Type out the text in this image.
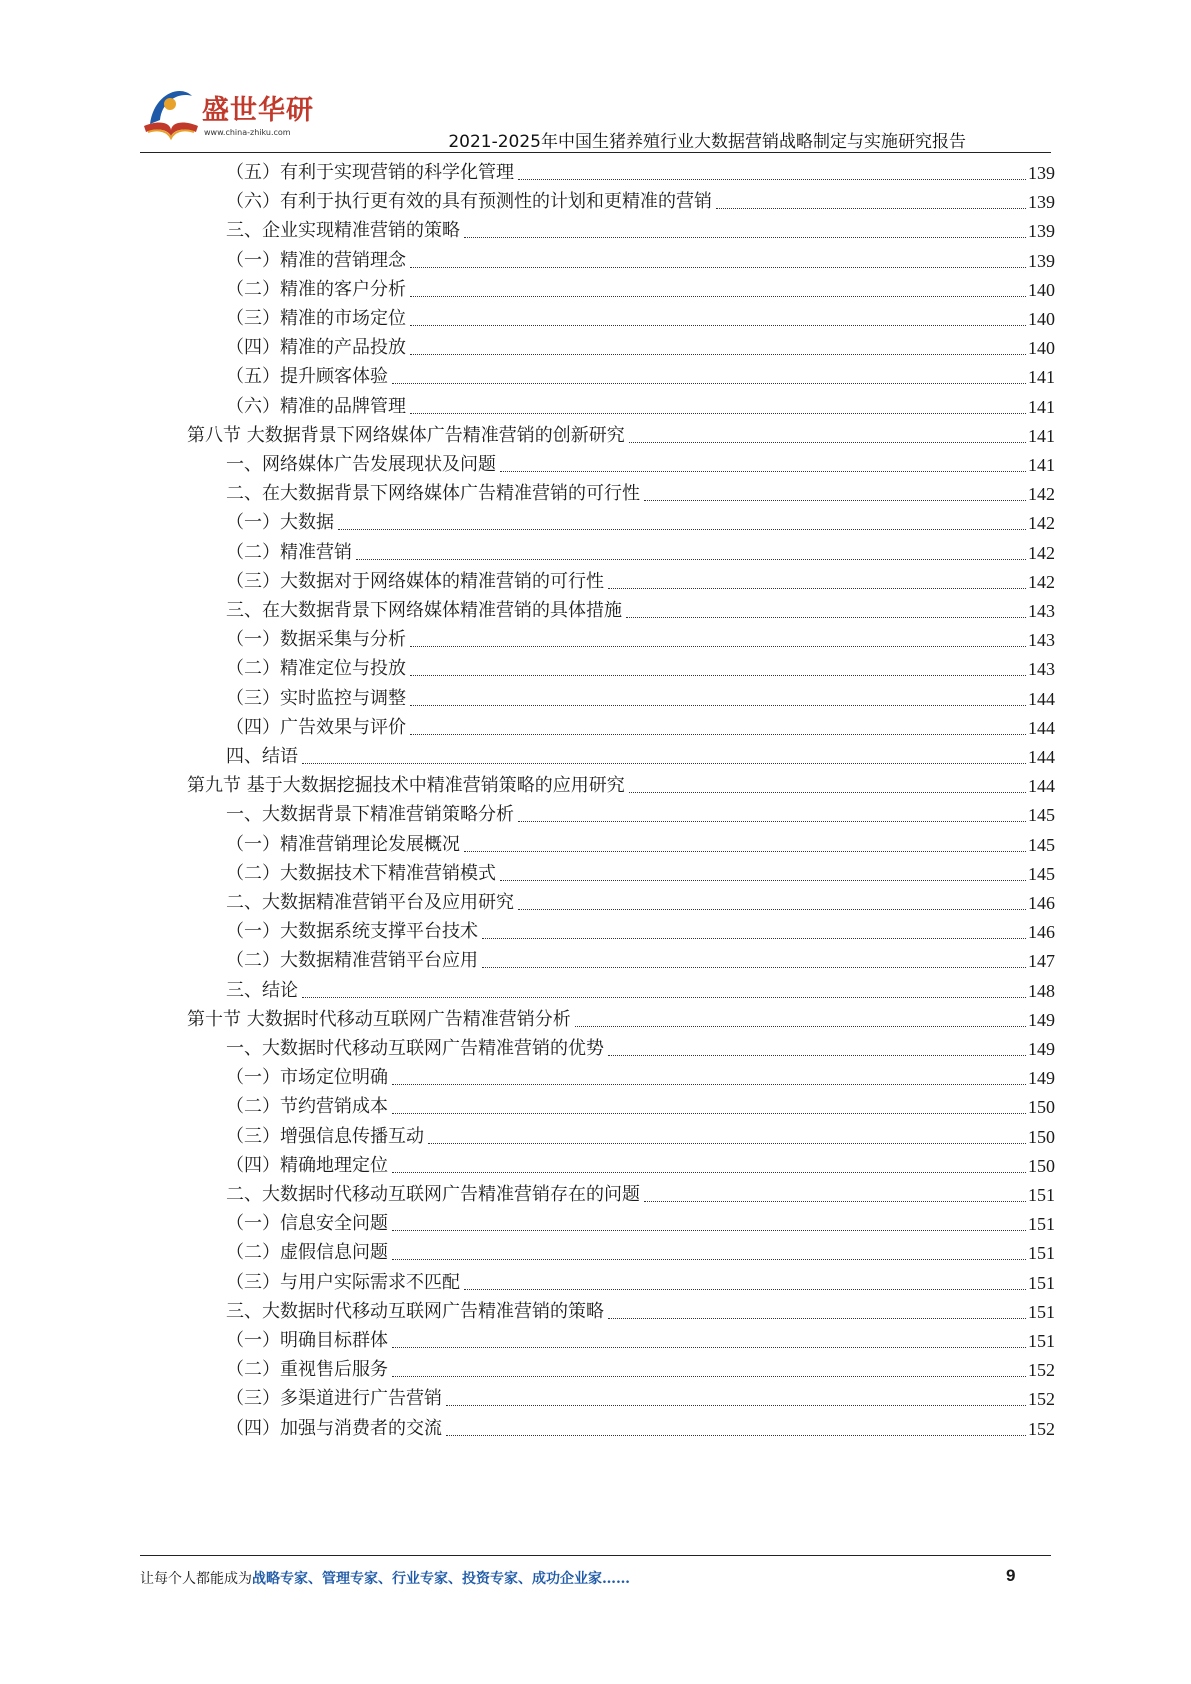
盛世华研
www.china-zhiku.com	2021-2025年中国生猪养殖行业大数据营销战略制定与实施研究报告
（五）有利于实现营销的科学化管理	139
（六）有利于执行更有效的具有预测性的计划和更精准的营销	139
三、企业实现精准营销的策略	139
（一）精准的营销理念	139
（二）精准的客户分析	140
（三）精准的市场定位	140
（四）精准的产品投放	140
（五）提升顾客体验	141
（六）精准的品牌管理	141
第八节 大数据背景下网络媒体广告精准营销的创新研究	141
一、网络媒体广告发展现状及问题	141
二、在大数据背景下网络媒体广告精准营销的可行性	142
（一）大数据	142
（二）精准营销	142
（三）大数据对于网络媒体的精准营销的可行性	142
三、在大数据背景下网络媒体精准营销的具体措施	143
（一）数据采集与分析	143
（二）精准定位与投放	143
（三）实时监控与调整	144
（四）广告效果与评价	144
四、结语	144
第九节 基于大数据挖掘技术中精准营销策略的应用研究	144
一、大数据背景下精准营销策略分析	145
（一）精准营销理论发展概况	145
（二）大数据技术下精准营销模式	145
二、大数据精准营销平台及应用研究	146
（一）大数据系统支撑平台技术	146
（二）大数据精准营销平台应用	147
三、结论	148
第十节 大数据时代移动互联网广告精准营销分析	149
一、大数据时代移动互联网广告精准营销的优势	149
（一）市场定位明确	149
（二）节约营销成本	150
（三）增强信息传播互动	150
（四）精确地理定位	150
二、大数据时代移动互联网广告精准营销存在的问题	151
（一）信息安全问题	151
（二）虚假信息问题	151
（三）与用户实际需求不匹配	151
三、大数据时代移动互联网广告精准营销的策略	151
（一）明确目标群体	151
（二）重视售后服务	152
（三）多渠道进行广告营销	152
（四）加强与消费者的交流	152
让每个人都能成为战略专家、管理专家、行业专家、投资专家、成功企业家……	9
